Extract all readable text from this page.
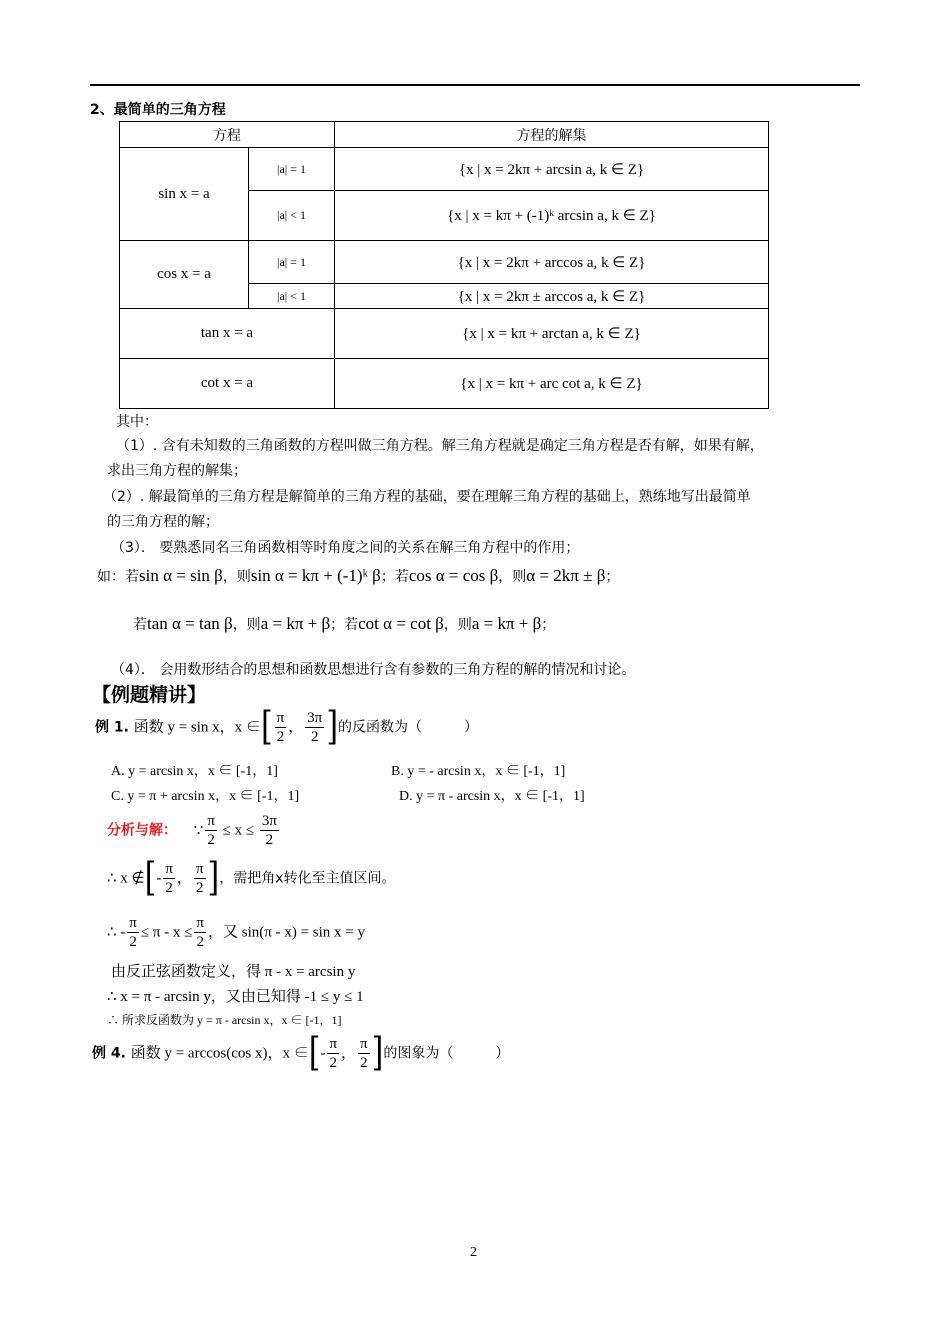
2、最简单的三角方程
方程		方程的解集
sin x = a	|a| = 1	{x | x = 2kπ + arcsin a, k ∈ Z}
	|a| < 1	{x | x = kπ + (-1)ᵏ arcsin a, k ∈ Z}
cos x = a	|a| = 1	{x | x = 2kπ + arccos a, k ∈ Z}
	|a| < 1	{x | x = 2kπ ± arccos a, k ∈ Z}
tan x = a		{x | x = kπ + arctan a, k ∈ Z}
cot x = a		{x | x = kπ + arc cot a, k ∈ Z}
其中：
（1）. 含有未知数的三角函数的方程叫做三角方程。解三角方程就是确定三角方程是否有解，如果有解，
求出三角方程的解集；
（2）. 解最简单的三角方程是解简单的三角方程的基础，要在理解三角方程的基础上，熟练地写出最简单
的三角方程的解；
（3）． 要熟悉同名三角函数相等时角度之间的关系在解三角方程中的作用；
如：若sin α = sin β，则sin α = kπ + (-1)ᵏ β；若cos α = cos β，则α = 2kπ ± β；
若tan α = tan β，则a = kπ + β；若cot α = cot β，则a = kπ + β；
（4）． 会用数形结合的思想和函数思想进行含有参数的三角方程的解的情况和讨论。
【例题精讲】
例 1. 函数 y = sin x，x ∈[ $\frac{\pi}{2}$ ， $\frac{3\pi}{2}$ ]的反函数为（　　　）
A. y = arcsin x，x ∈ [-1，1]	B. y = - arcsin x，x ∈ [-1，1]
C. y = π + arcsin x，x ∈ [-1，1]	D. y = π - arcsin x，x ∈ [-1，1]
分析与解： ∵ $\frac{\pi}{2} \le x \le \frac{3\pi}{2}$
∴ x ∉[- $\frac{\pi}{2}$ ， $\frac{\pi}{2}$ ]，需把角x转化至主值区间。
∴ - $\frac{\pi}{2} \le \pi - x \le \frac{\pi}{2}$ ，又 sin(π - x) = sin x = y
由反正弦函数定义，得 π - x = arcsin y
∴ x = π - arcsin y，又由已知得 -1 ≤ y ≤ 1
∴ 所求反函数为 y = π - arcsin x，x ∈ [-1，1]
例 4. 函数 y = arccos(cos x)，x ∈[- $\frac{\pi}{2}$ ， $\frac{\pi}{2}$ ]的图象为（　　　）
2
